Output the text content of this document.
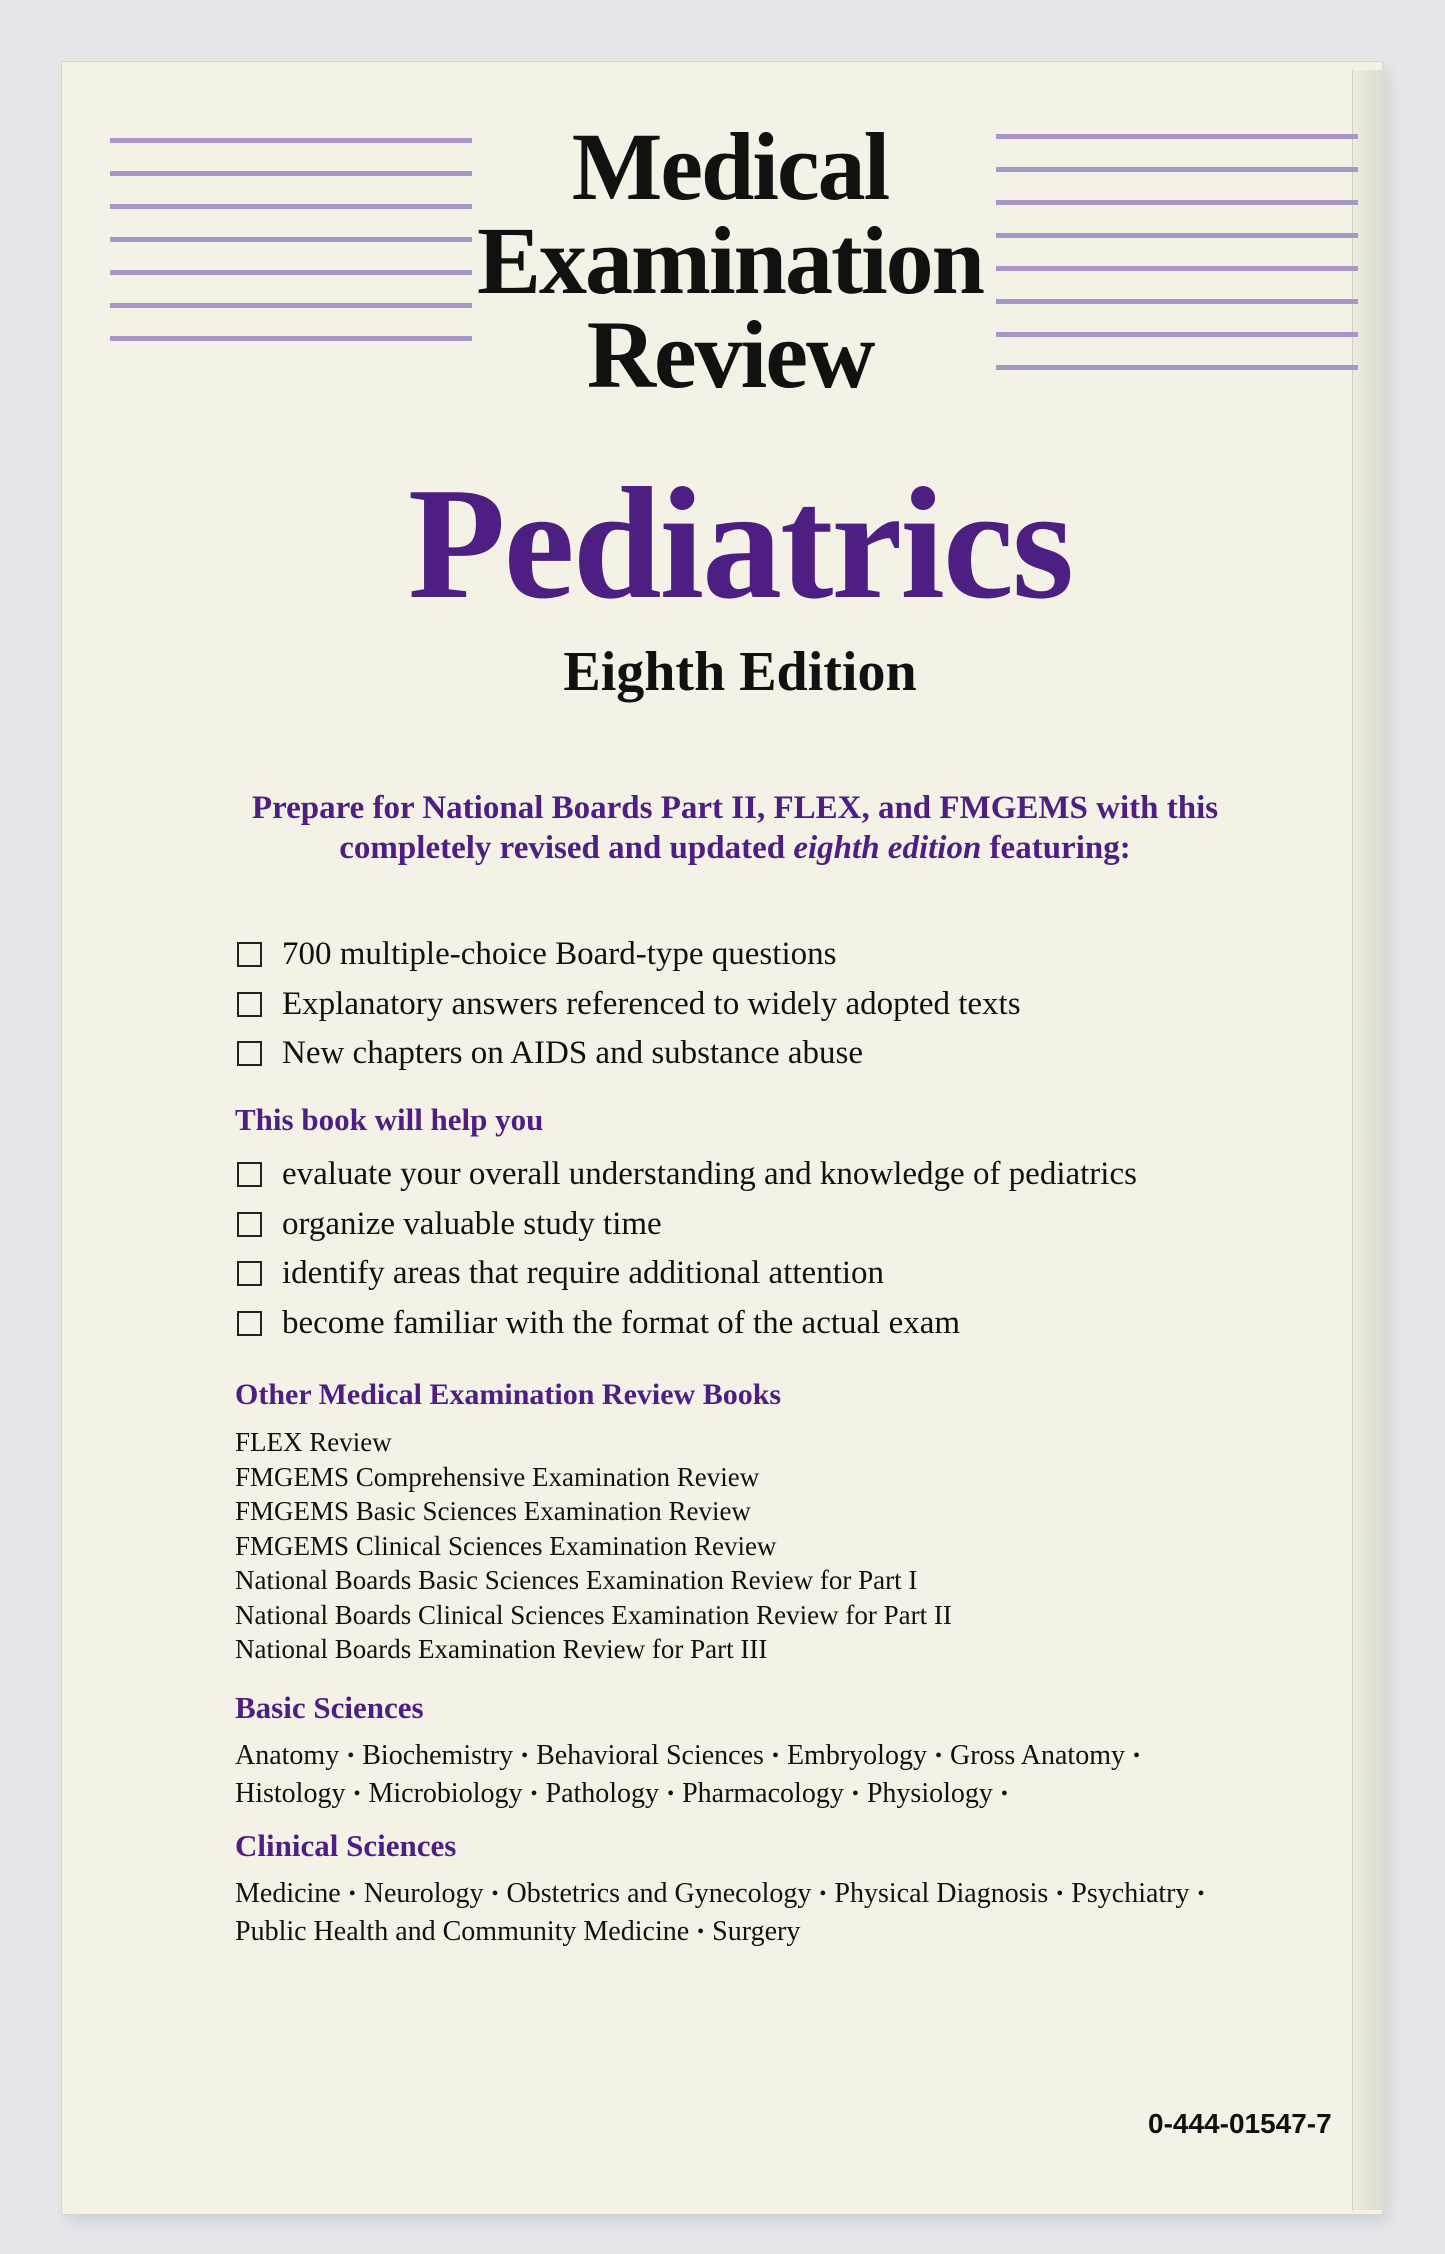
Medical
Examination
Review
Pediatrics
Eighth Edition
Prepare for National Boards Part II, FLEX, and FMGEMS with this
completely revised and updated eighth edition featuring:
700 multiple-choice Board-type questions
Explanatory answers referenced to widely adopted texts
New chapters on AIDS and substance abuse
This book will help you
evaluate your overall understanding and knowledge of pediatrics
organize valuable study time
identify areas that require additional attention
become familiar with the format of the actual exam
Other Medical Examination Review Books
FLEX Review
FMGEMS Comprehensive Examination Review
FMGEMS Basic Sciences Examination Review
FMGEMS Clinical Sciences Examination Review
National Boards Basic Sciences Examination Review for Part I
National Boards Clinical Sciences Examination Review for Part II
National Boards Examination Review for Part III
Basic Sciences
Anatomy • Biochemistry • Behavioral Sciences • Embryology • Gross Anatomy •
Histology • Microbiology • Pathology • Pharmacology • Physiology •
Clinical Sciences
Medicine • Neurology • Obstetrics and Gynecology • Physical Diagnosis • Psychiatry •
Public Health and Community Medicine • Surgery
0-444-01547-7
